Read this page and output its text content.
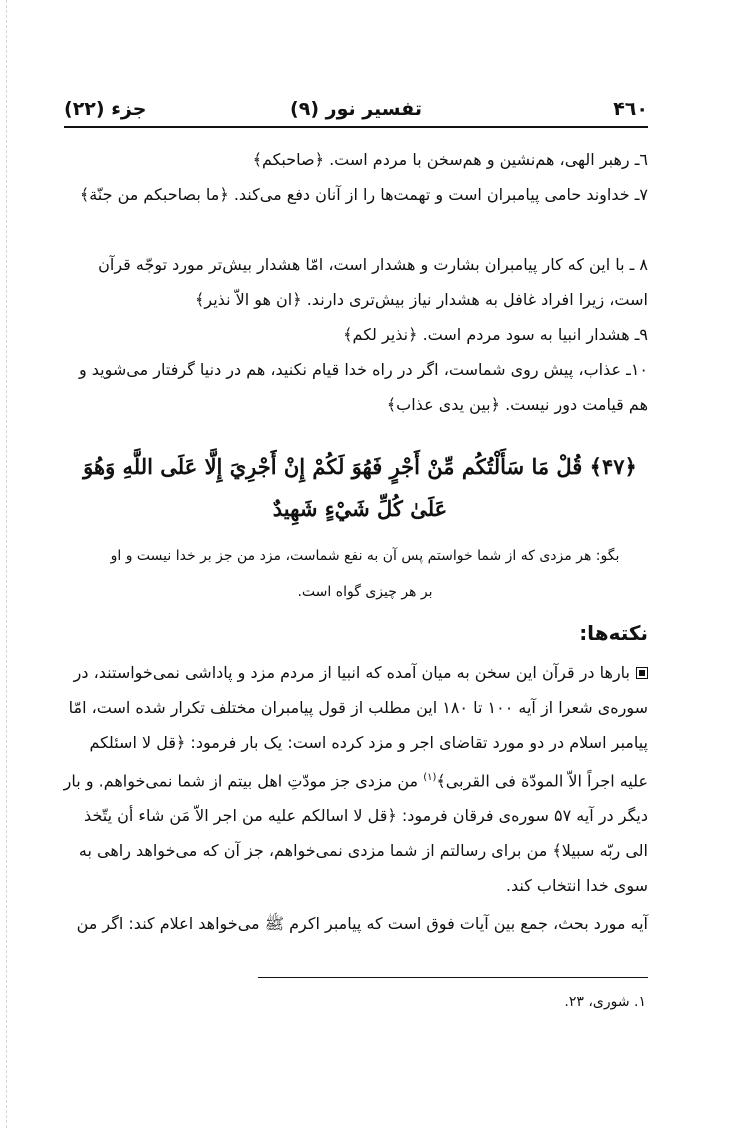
۴٦۰
تفسیر نور (۹)
جزء (۲۲)
٦ـ رهبر الهی، هم‌نشین و هم‌سخن با مردم است. ﴿صاحبکم﴾
۷ـ خداوند حامی پیامبران است و تهمت‌ها را از آنان دفع می‌کند. ﴿ما بصاحبکم من جنّة﴾
۸ ـ با این که کار پیامبران بشارت و هشدار است، امّا هشدار بیش‌تر مورد توجّه قرآن است، زیرا افراد غافل به هشدار نیاز بیش‌تری دارند. ﴿ان هو الاّ نذیر﴾
۹ـ هشدار انبیا به سود مردم است. ﴿نذیر لکم﴾
۱۰ـ عذاب، پیش روی شماست، اگر در راه خدا قیام نکنید، هم در دنیا گرفتار می‌شوید و هم قیامت دور نیست. ﴿بین یدی عذاب﴾
﴿۴۷﴾ قُلْ مَا سَأَلْتُكُم مِّنْ أَجْرٍ فَهُوَ لَكُمْ إِنْ أَجْرِيَ إِلَّا عَلَى اللَّهِ وَهُوَ عَلَىٰ كُلِّ شَيْءٍ شَهِيدٌ
بگو: هر مزدی که از شما خواستم پس آن به نفع شماست، مزد من جز بر خدا نیست و او بر هر چیزی گواه است.
نکته‌ها:
بارها در قرآن این سخن به میان آمده که انبیا از مردم مزد و پاداشی نمی‌خواستند، در سوره‌ی شعرا از آیه ۱۰۰ تا ۱۸۰ این مطلب از قول پیامبران مختلف تکرار شده است، امّا پیامبر اسلام در دو مورد تقاضای اجر و مزد کرده است: یک بار فرمود: ﴿قل لا اسئلکم علیه اجراً الاّ المودّة فی القربی﴾$^{(۱)}$ من مزدی جز مودّتِ اهل بیتم از شما نمی‌خواهم. و بار دیگر در آیه ۵۷ سوره‌ی فرقان فرمود: ﴿قل لا اسالکم علیه من اجر الاّ مَن شاء أن یتّخذ الی ربّه سبیلا﴾ من برای رسالتم از شما مزدی نمی‌خواهم، جز آن که می‌خواهد راهی به سوی خدا انتخاب کند.
آیه مورد بحث، جمع بین آیات فوق است که پیامبر اکرم ﷺ می‌خواهد اعلام کند: اگر من
۱. شوری، ۲۳.
